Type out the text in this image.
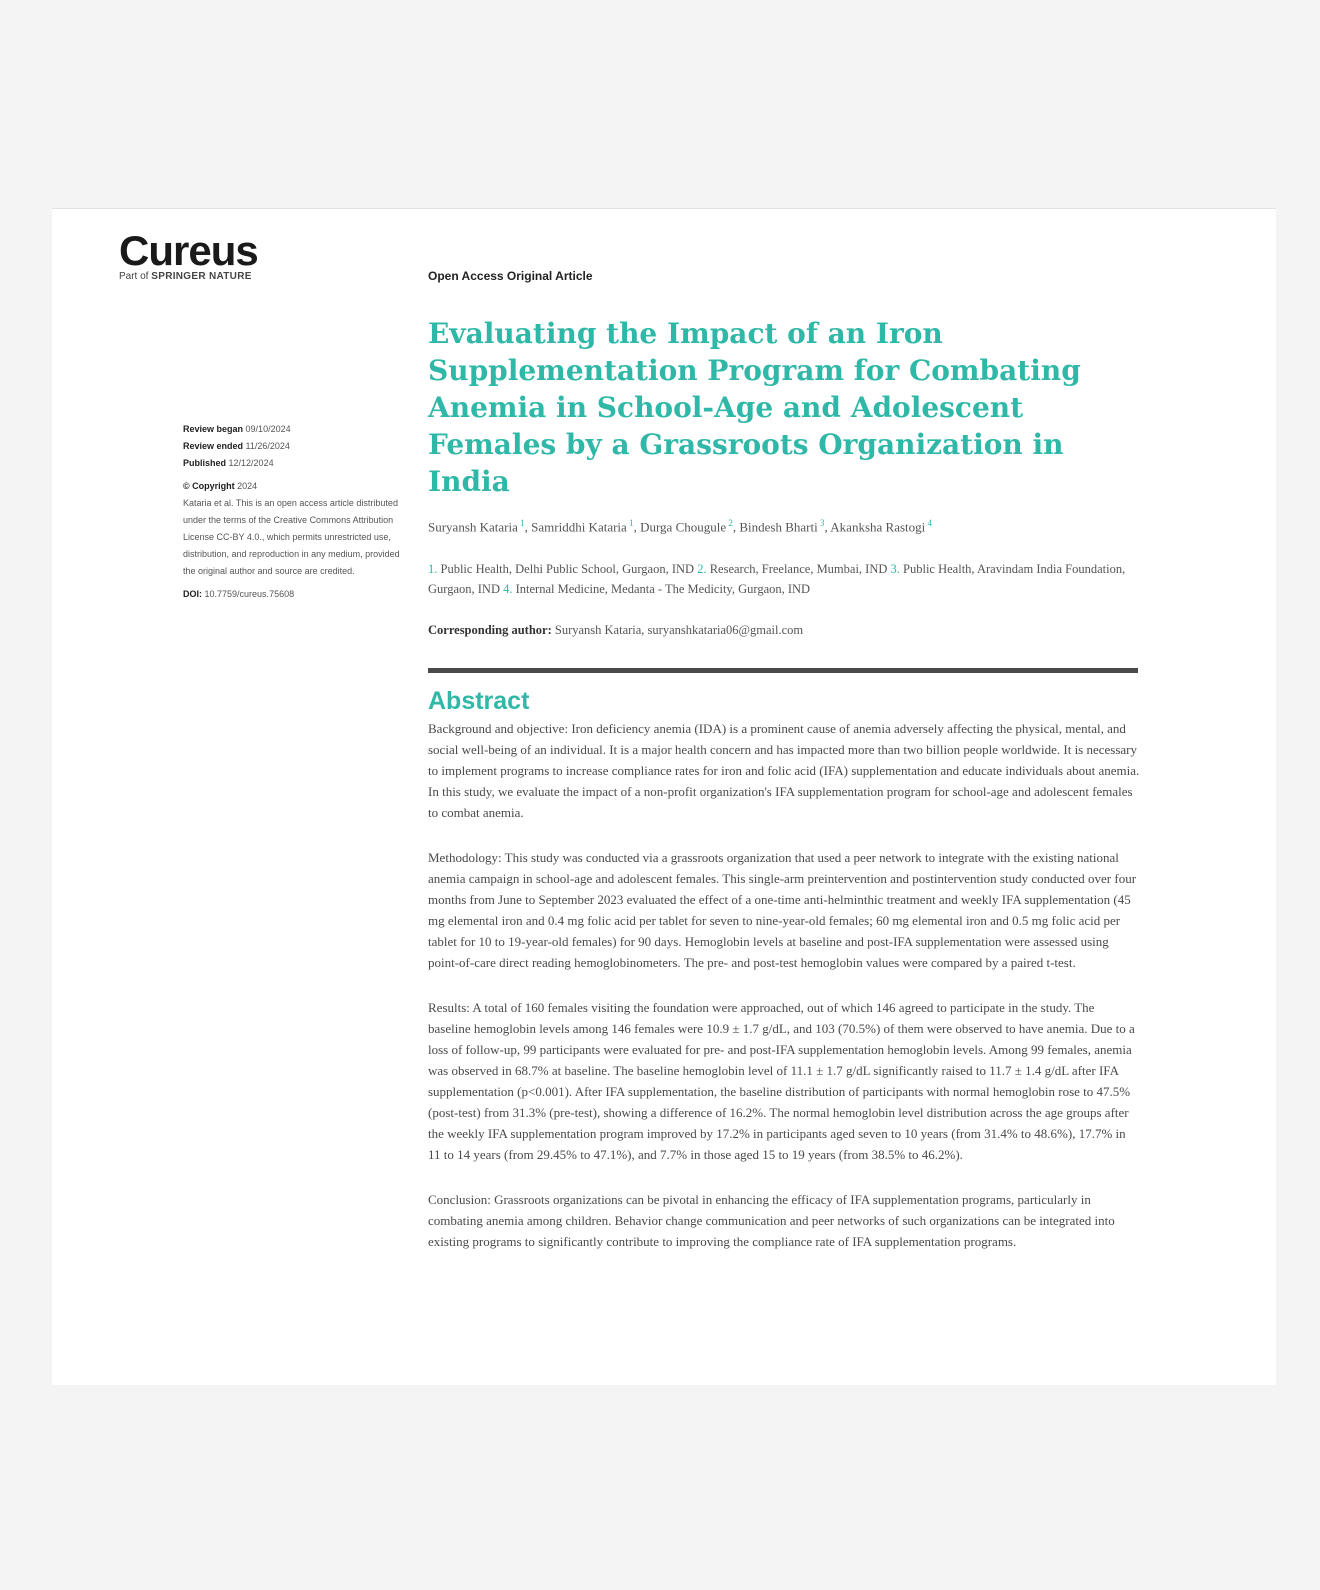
Cureus
Part of SPRINGER NATURE
Review began 09/10/2024
Review ended 11/26/2024
Published 12/12/2024
© Copyright 2024
Kataria et al. This is an open access article distributed under the terms of the Creative Commons Attribution License CC-BY 4.0., which permits unrestricted use, distribution, and reproduction in any medium, provided the original author and source are credited.
DOI: 10.7759/cureus.75608
Open Access Original Article
Evaluating the Impact of an Iron Supplementation Program for Combating Anemia in School-Age and Adolescent Females by a Grassroots Organization in India
Suryansh Kataria $^1$, Samriddhi Kataria $^1$, Durga Chougule $^2$, Bindesh Bharti $^3$, Akanksha Rastogi $^4$
1. Public Health, Delhi Public School, Gurgaon, IND 2. Research, Freelance, Mumbai, IND 3. Public Health, Aravindam India Foundation, Gurgaon, IND 4. Internal Medicine, Medanta - The Medicity, Gurgaon, IND
Corresponding author: Suryansh Kataria, suryanshkataria06@gmail.com
Abstract

Background and objective: Iron deficiency anemia (IDA) is a prominent cause of anemia adversely affecting the physical, mental, and social well-being of an individual. It is a major health concern and has impacted more than two billion people worldwide. It is necessary to implement programs to increase compliance rates for iron and folic acid (IFA) supplementation and educate individuals about anemia. In this study, we evaluate the impact of a non-profit organization's IFA supplementation program for school-age and adolescent females to combat anemia.

Methodology: This study was conducted via a grassroots organization that used a peer network to integrate with the existing national anemia campaign in school-age and adolescent females. This single-arm preintervention and postintervention study conducted over four months from June to September 2023 evaluated the effect of a one-time anti-helminthic treatment and weekly IFA supplementation (45 mg elemental iron and 0.4 mg folic acid per tablet for seven to nine-year-old females; 60 mg elemental iron and 0.5 mg folic acid per tablet for 10 to 19-year-old females) for 90 days. Hemoglobin levels at baseline and post-IFA supplementation were assessed using point-of-care direct reading hemoglobinometers. The pre- and post-test hemoglobin values were compared by a paired t-test.

Results: A total of 160 females visiting the foundation were approached, out of which 146 agreed to participate in the study. The baseline hemoglobin levels among 146 females were 10.9 ± 1.7 g/dL, and 103 (70.5%) of them were observed to have anemia. Due to a loss of follow-up, 99 participants were evaluated for pre- and post-IFA supplementation hemoglobin levels. Among 99 females, anemia was observed in 68.7% at baseline. The baseline hemoglobin level of 11.1 ± 1.7 g/dL significantly raised to 11.7 ± 1.4 g/dL after IFA supplementation (p<0.001). After IFA supplementation, the baseline distribution of participants with normal hemoglobin rose to 47.5% (post-test) from 31.3% (pre-test), showing a difference of 16.2%. The normal hemoglobin level distribution across the age groups after the weekly IFA supplementation program improved by 17.2% in participants aged seven to 10 years (from 31.4% to 48.6%), 17.7% in 11 to 14 years (from 29.45% to 47.1%), and 7.7% in those aged 15 to 19 years (from 38.5% to 46.2%).

Conclusion: Grassroots organizations can be pivotal in enhancing the efficacy of IFA supplementation programs, particularly in combating anemia among children. Behavior change communication and peer networks of such organizations can be integrated into existing programs to significantly contribute to improving the compliance rate of IFA supplementation programs.
